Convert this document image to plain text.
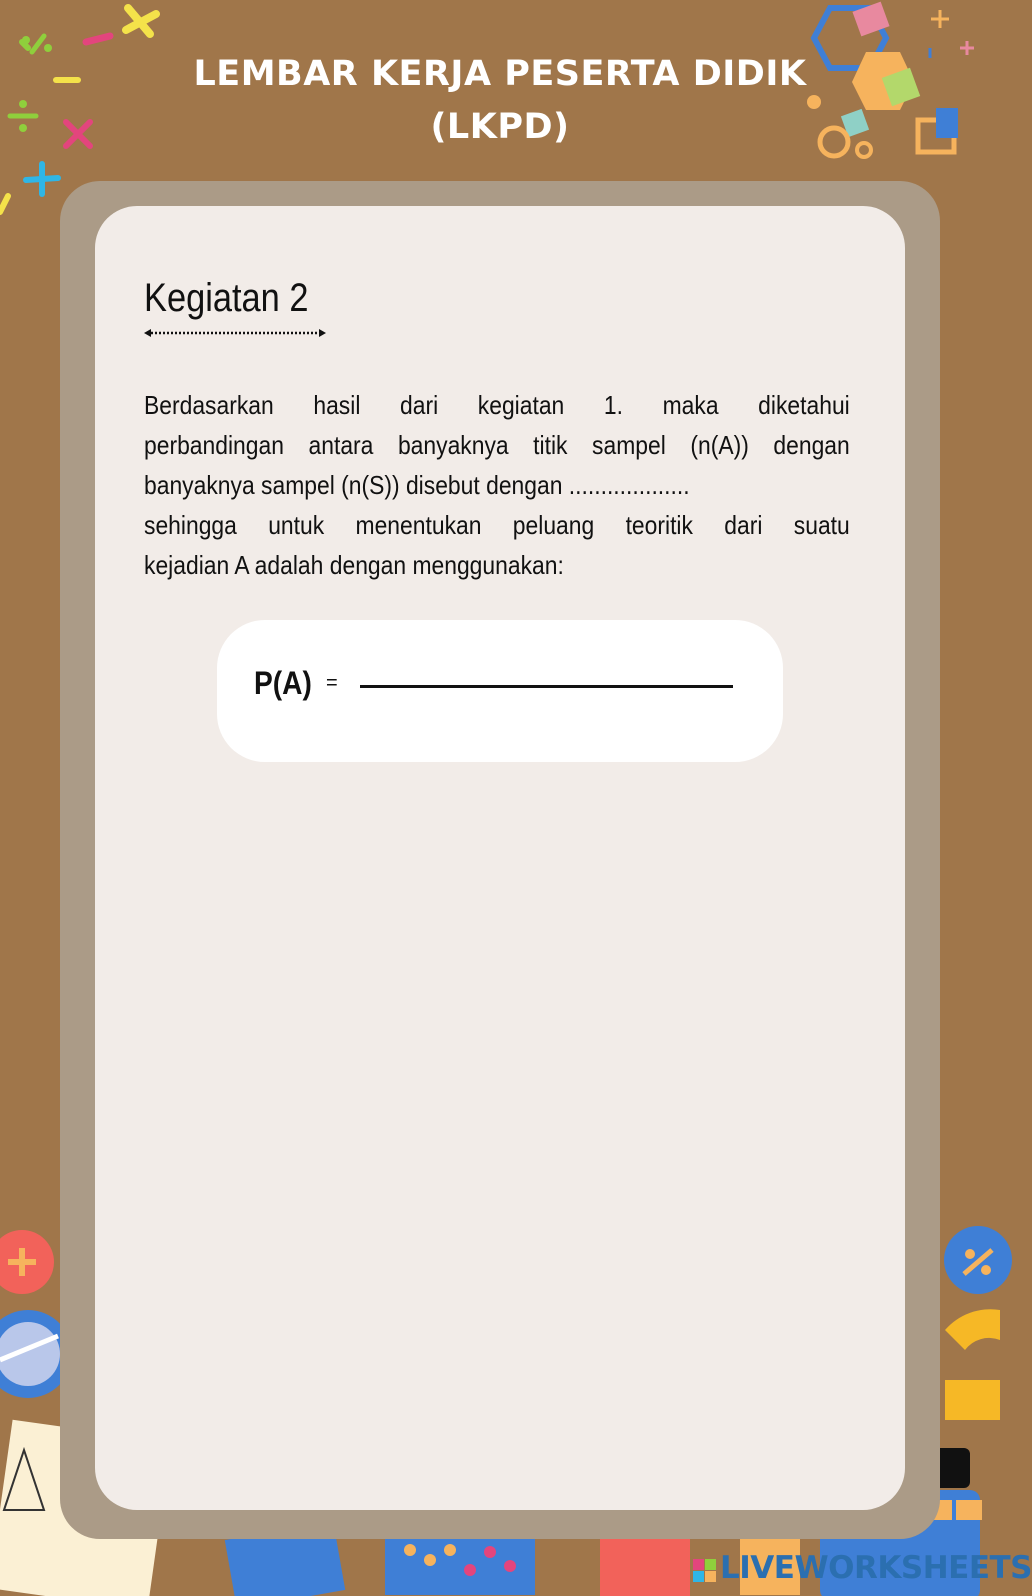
LEMBAR KERJA PESERTA DIDIK
(LKPD)
Kegiatan 2
Berdasarkan hasil dari kegiatan 1. maka diketahui
perbandingan antara banyaknya titik sampel (n(A)) dengan
banyaknya sampel (n(S)) disebut dengan ...................
sehingga untuk menentukan peluang teoritik dari suatu
kejadian A adalah dengan menggunakan:
P(A) =
LIVEWORKSHEETS
